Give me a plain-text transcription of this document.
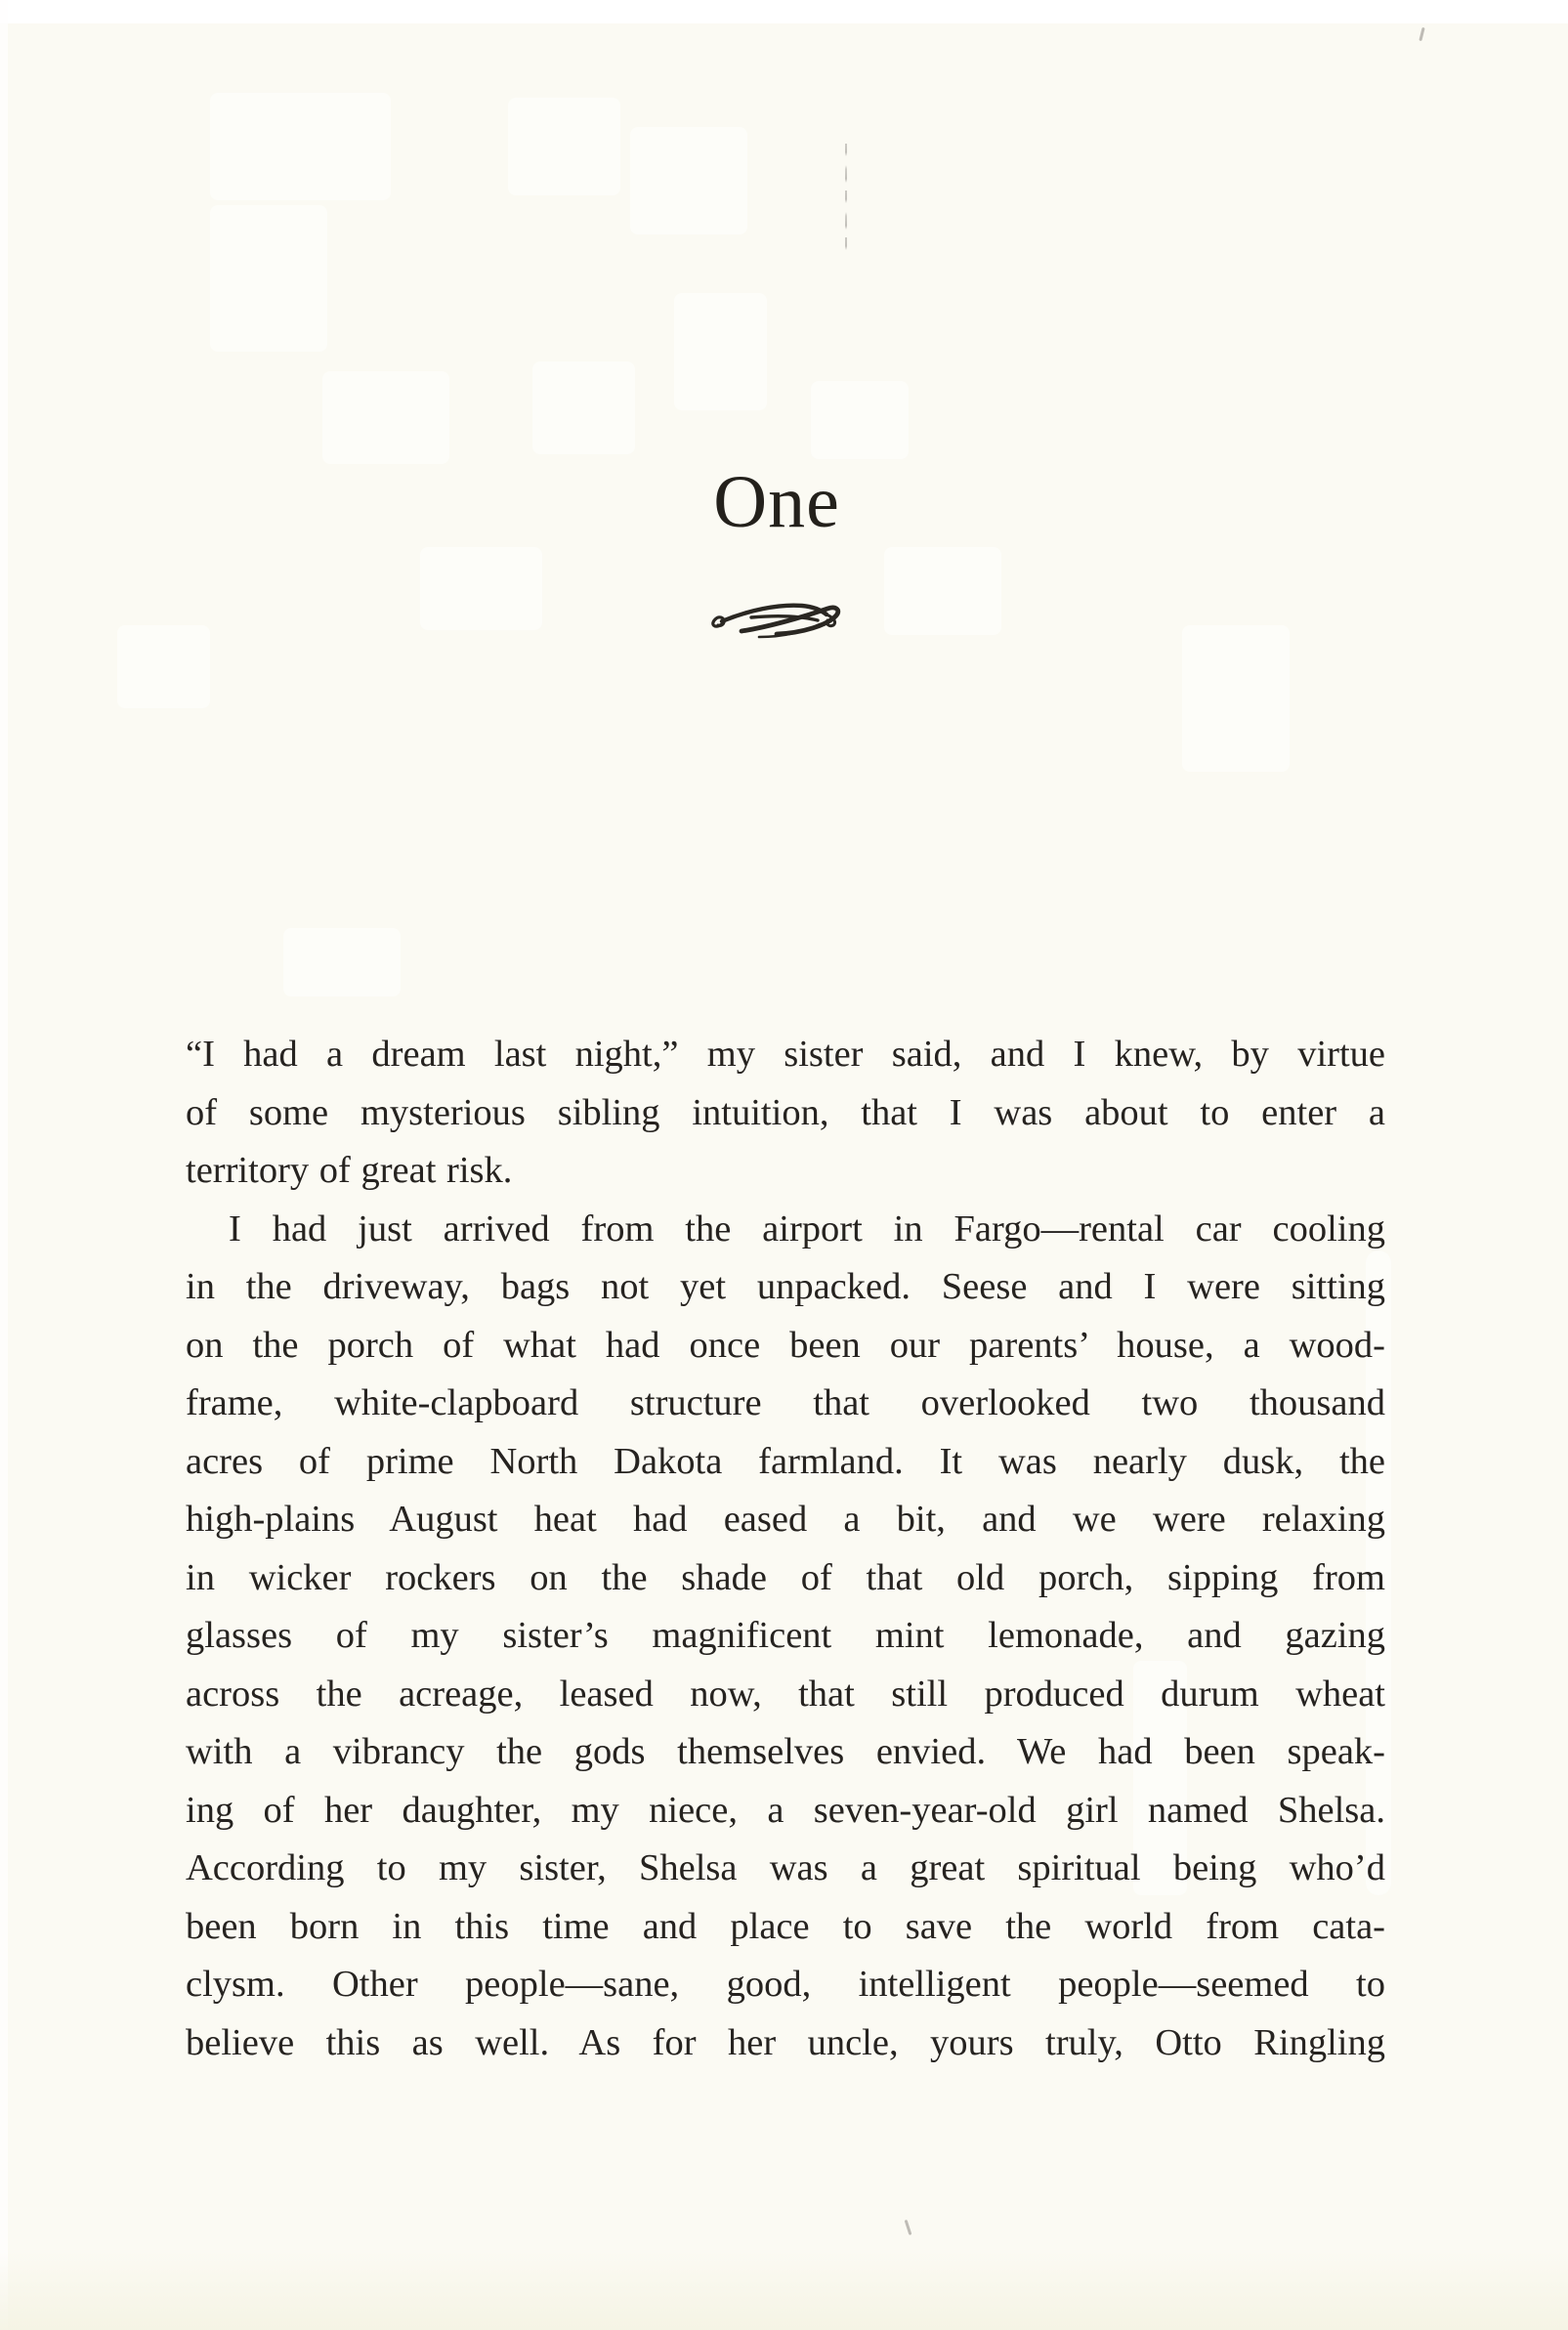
One
“I had a dream last night,” my sister said, and I knew, by virtue
of some mysterious sibling intuition, that I was about to enter a
territory of great risk.
I had just arrived from the airport in Fargo—rental car cooling
in the driveway, bags not yet unpacked. Seese and I were sitting
on the porch of what had once been our parents’ house, a wood-
frame, white-clapboard structure that overlooked two thousand
acres of prime North Dakota farmland. It was nearly dusk, the
high-plains August heat had eased a bit, and we were relaxing
in wicker rockers on the shade of that old porch, sipping from
glasses of my sister’s magnificent mint lemonade, and gazing
across the acreage, leased now, that still produced durum wheat
with a vibrancy the gods themselves envied. We had been speak-
ing of her daughter, my niece, a seven-year-old girl named Shelsa.
According to my sister, Shelsa was a great spiritual being who’d
been born in this time and place to save the world from cata-
clysm. Other people—sane, good, intelligent people—seemed to
believe this as well. As for her uncle, yours truly, Otto Ringling
